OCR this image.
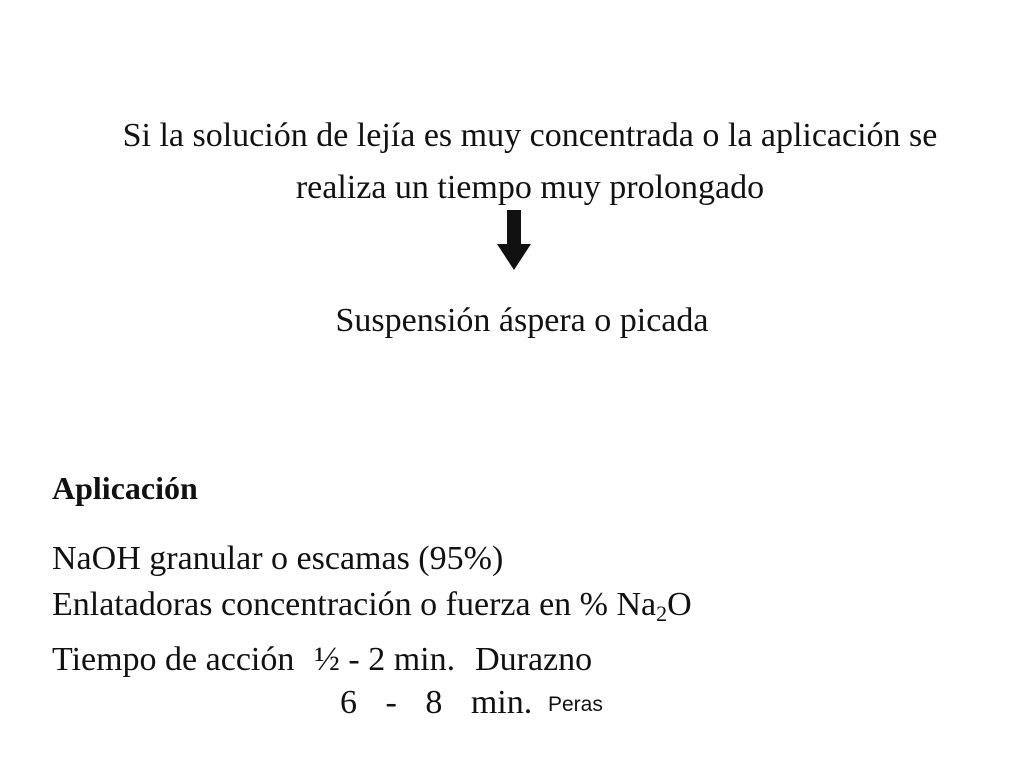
Si la solución de lejía es muy concentrada o la aplicación se
realiza un tiempo muy prolongado
Suspensión áspera o picada
Aplicación
NaOH granular o escamas (95%)
Enlatadoras concentración o fuerza en % $Na_2O$
Tiempo de acción ½ - 2 min. Durazno
6 - 8 min. Peras
